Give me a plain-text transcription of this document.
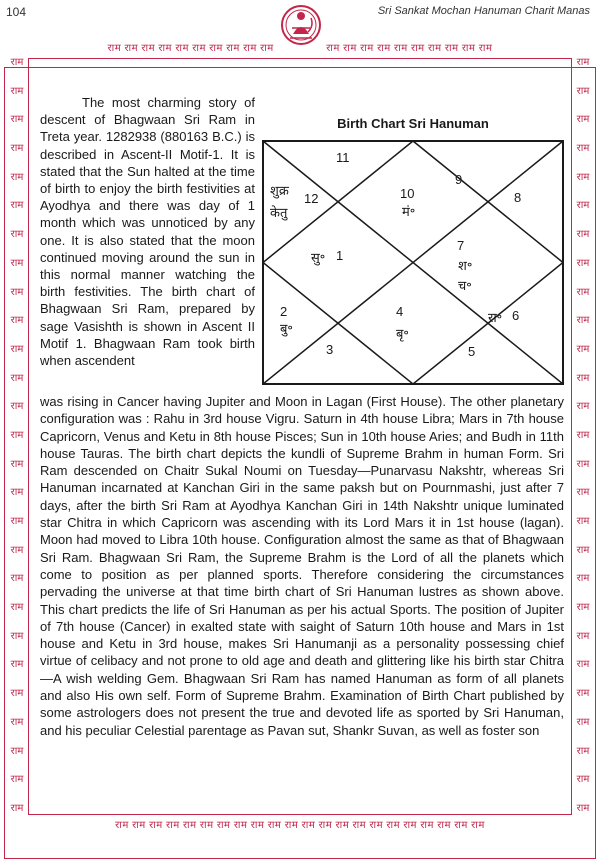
104	Sri Sankat Mochan Hanuman Charit Manas
राम राम राम राम राम राम राम राम राम राम	राम राम राम राम राम राम राम राम राम राम
राम राम राम राम राम राम राम राम राम राम राम राम राम राम राम राम राम राम राम राम राम राम
राम
राम
राम
राम
राम
राम
राम
राम
राम
राम
राम
राम
राम
राम
राम
राम
राम
राम
राम
राम
राम
राम
राम
राम
राम
राम
राम
राम
राम
राम
राम
राम
राम
राम
राम
राम
राम
राम
राम
राम
राम
राम
राम
राम
राम
राम
राम
राम
राम
राम
राम
राम
राम
राम
Birth Chart Sri Hanuman
11
10
मं॰
9
8
शुक्र
केतु
12
सु॰ 1
7
श॰
च॰
2
बु॰
4
बृ॰
रा॰ 6
3	5
The most charming story of descent of Bhagwaan Sri Ram in Treta year. 1282938 (880163 B.C.) is described in Ascent-II Motif-1. It is stated that the Sun halted at the time of birth to enjoy the birth festivities at Ayodhya and there was day of 1 month which was unnoticed by any one. It is also stated that the moon continued moving around the sun in this normal manner watching the birth festivities. The birth chart of Bhagwaan Sri Ram, prepared by sage Vasishth is shown in Ascent II Motif 1. Bhagwaan Ram took birth when ascendent
was rising in Cancer having Jupiter and Moon in Lagan (First House). The other planetary configuration was : Rahu in 3rd house Vigru. Saturn in 4th house Libra; Mars in 7th house Capricorn, Venus and Ketu in 8th house Pisces; Sun in 10th house Aries; and Budh in 11th house Tauras. The birth chart depicts the kundli of Supreme Brahm in human Form. Sri Ram descended on Chaitr Sukal Noumi on Tuesday—Punarvasu Nakshtr, whereas Sri Hanuman incarnated at Kanchan Giri in the same paksh but on Pournmashi, just after 7 days, after the birth Sri Ram at Ayodhya Kanchan Giri in 14th Nakshtr unique luminated star Chitra in which Capricorn was ascending with its Lord Mars it in 1st house (lagan). Moon had moved to Libra 10th house. Configuration almost the same as that of Bhagwaan Sri Ram. Bhagwaan Sri Ram, the Supreme Brahm is the Lord of all the planets which come to position as per planned sports. Therefore considering the circumstances pervading the universe at that time birth chart of Sri Hanuman lustres as shown above. This chart predicts the life of Sri Hanuman as per his actual Sports. The position of Jupiter of 7th house (Cancer) in exalted state with saight of Saturn 10th house and Mars in 1st house and Ketu in 3rd house, makes Sri Hanumanji as a personality possessing chief virtue of celibacy and not prone to old age and death and glittering like his birth star Chitra—A wish welding Gem. Bhagwaan Sri Ram has named Hanuman as form of all planets and also His own self. Form of Supreme Brahm. Examination of Birth Chart published by some astrologers does not present the true and devoted life as sported by Sri Hanuman, and his peculiar Celestial parentage as Pavan sut, Shankr Suvan, as well as foster son
